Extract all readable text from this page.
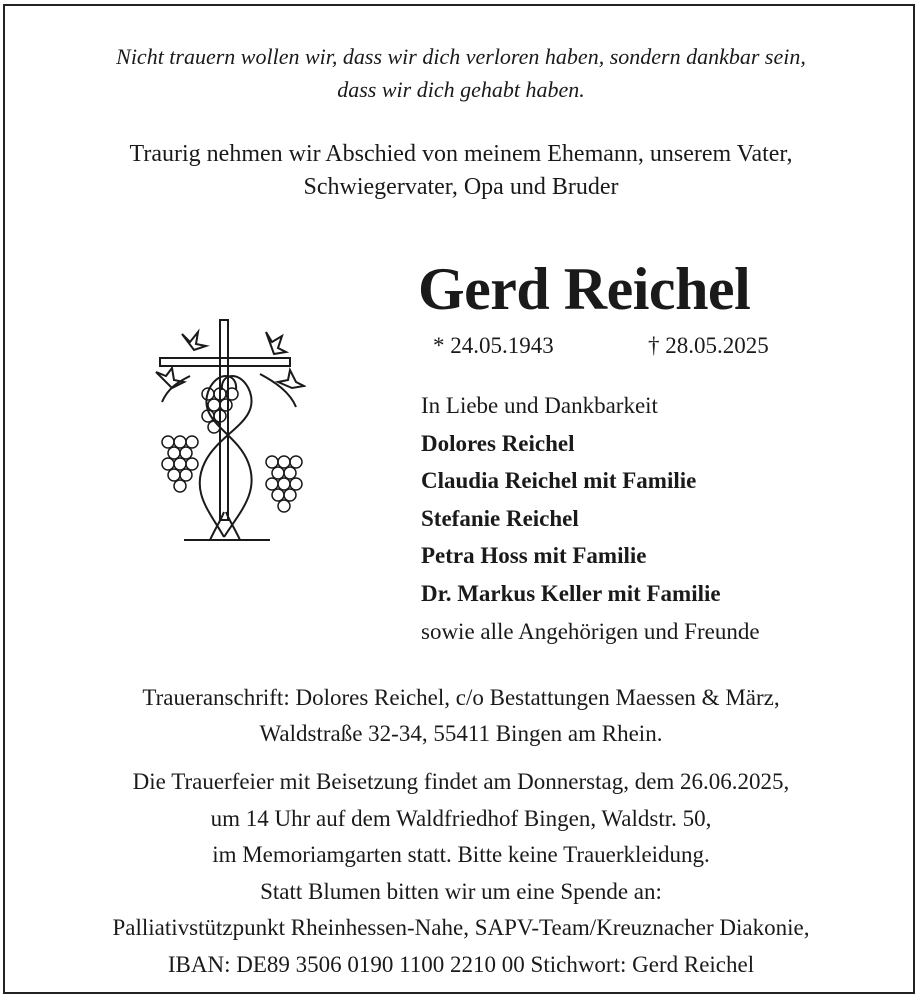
Nicht trauern wollen wir, dass wir dich verloren haben, sondern dankbar sein,
dass wir dich gehabt haben.
Traurig nehmen wir Abschied von meinem Ehemann, unserem Vater,
Schwiegervater, Opa und Bruder
Gerd Reichel
* 24.05.1943	† 28.05.2025
In Liebe und Dankbarkeit
Dolores Reichel
Claudia Reichel mit Familie
Stefanie Reichel
Petra Hoss mit Familie
Dr. Markus Keller mit Familie
sowie alle Angehörigen und Freunde
Traueranschrift: Dolores Reichel, c/o Bestattungen Maessen & März,
Waldstraße 32-34, 55411 Bingen am Rhein.
Die Trauerfeier mit Beisetzung findet am Donnerstag, dem 26.06.2025,
um 14 Uhr auf dem Waldfriedhof Bingen, Waldstr. 50,
im Memoriamgarten statt. Bitte keine Trauerkleidung.
Statt Blumen bitten wir um eine Spende an:
Palliativstützpunkt Rheinhessen-Nahe, SAPV-Team/Kreuznacher Diakonie,
IBAN: DE89 3506 0190 1100 2210 00 Stichwort: Gerd Reichel
